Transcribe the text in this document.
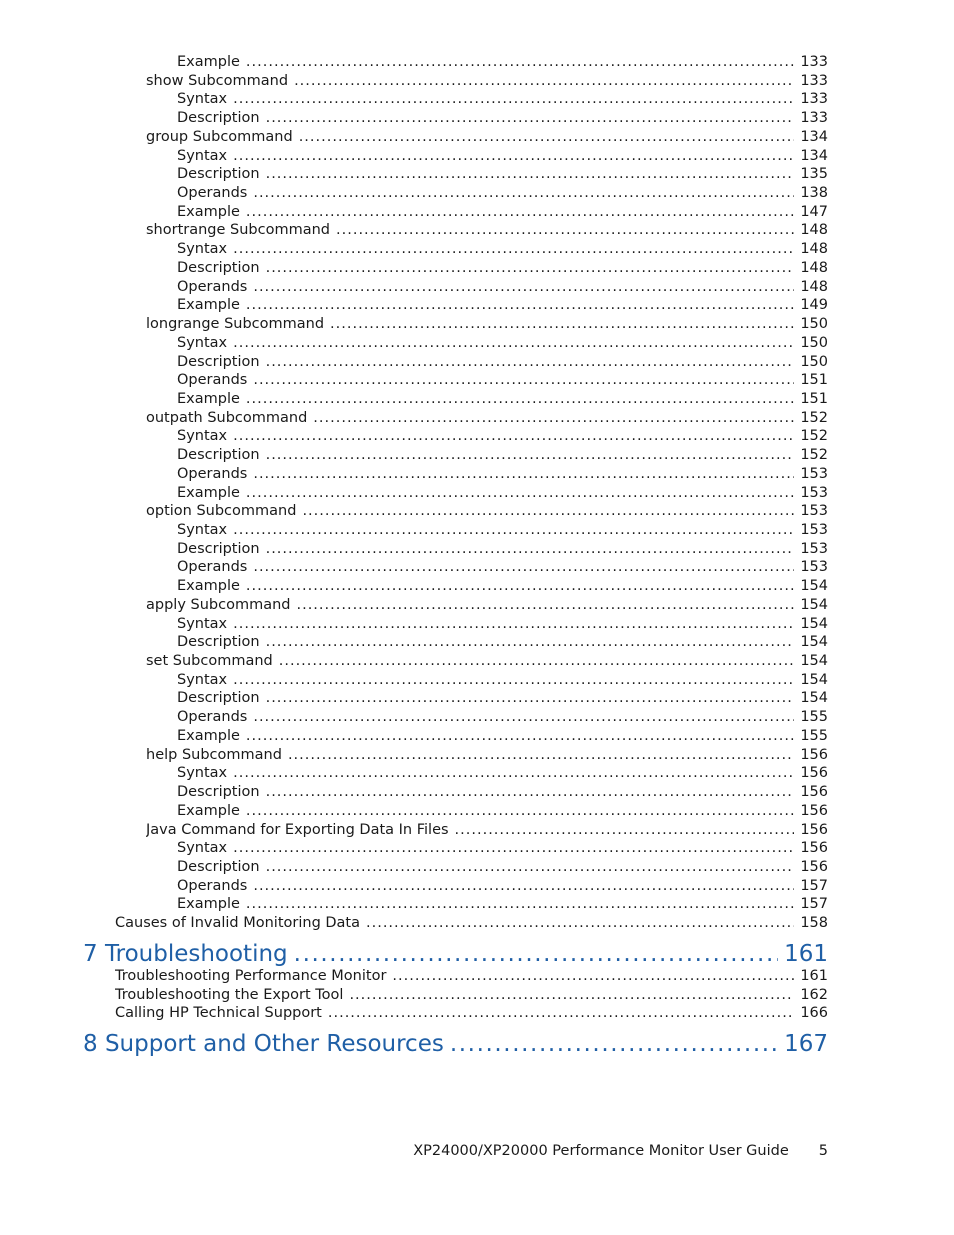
Example .....	133
show Subcommand .....	133
Syntax .....	133
Description .....	133
group Subcommand .....	134
Syntax .....	134
Description .....	135
Operands .....	138
Example .....	147
shortrange Subcommand .....	148
Syntax .....	148
Description .....	148
Operands .....	148
Example .....	149
longrange Subcommand .....	150
Syntax .....	150
Description .....	150
Operands .....	151
Example .....	151
outpath Subcommand .....	152
Syntax .....	152
Description .....	152
Operands .....	153
Example .....	153
option Subcommand .....	153
Syntax .....	153
Description .....	153
Operands .....	153
Example .....	154
apply Subcommand .....	154
Syntax .....	154
Description .....	154
set Subcommand .....	154
Syntax .....	154
Description .....	154
Operands .....	155
Example .....	155
help Subcommand .....	156
Syntax .....	156
Description .....	156
Example .....	156
Java Command for Exporting Data In Files .....	156
Syntax .....	156
Description .....	156
Operands .....	157
Example .....	157
Causes of Invalid Monitoring Data .....	158
7 Troubleshooting .....	161
Troubleshooting Performance Monitor .....	161
Troubleshooting the Export Tool .....	162
Calling HP Technical Support .....	166
8 Support and Other Resources .....	167
XP24000/XP20000 Performance Monitor User Guide	5
